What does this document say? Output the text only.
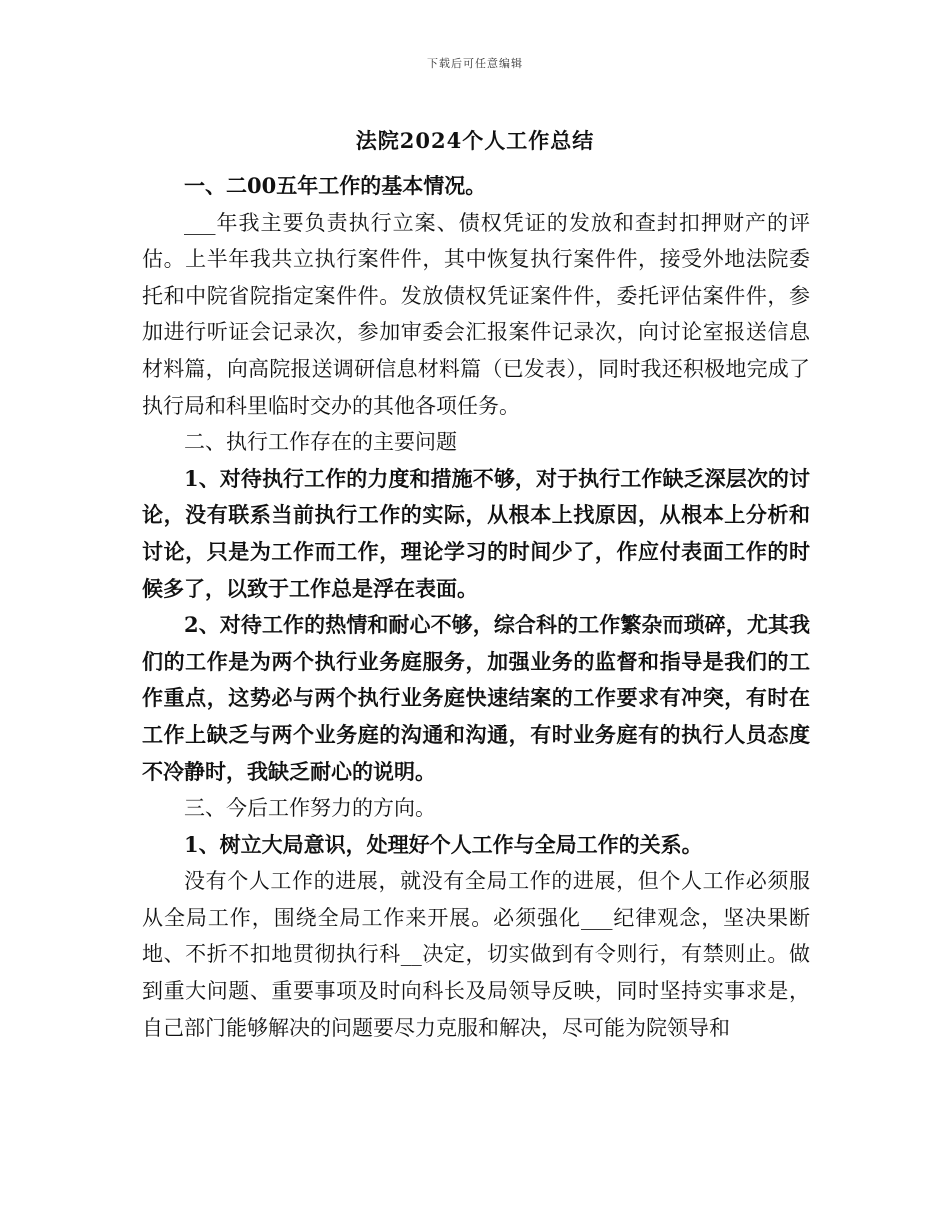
下载后可任意编辑
法院2024个人工作总结

一、二00五年工作的基本情况。

___年我主要负责执行立案、债权凭证的发放和查封扣押财产的评估。上半年我共立执行案件件，其中恢复执行案件件，接受外地法院委托和中院省院指定案件件。发放债权凭证案件件，委托评估案件件，参加进行听证会记录次，参加审委会汇报案件记录次，向讨论室报送信息材料篇，向高院报送调研信息材料篇（已发表），同时我还积极地完成了执行局和科里临时交办的其他各项任务。

二、执行工作存在的主要问题

1、对待执行工作的力度和措施不够，对于执行工作缺乏深层次的讨论，没有联系当前执行工作的实际，从根本上找原因，从根本上分析和讨论，只是为工作而工作，理论学习的时间少了，作应付表面工作的时候多了，以致于工作总是浮在表面。

2、对待工作的热情和耐心不够，综合科的工作繁杂而琐碎，尤其我们的工作是为两个执行业务庭服务，加强业务的监督和指导是我们的工作重点，这势必与两个执行业务庭快速结案的工作要求有冲突，有时在工作上缺乏与两个业务庭的沟通和沟通，有时业务庭有的执行人员态度不冷静时，我缺乏耐心的说明。

三、今后工作努力的方向。

1、树立大局意识，处理好个人工作与全局工作的关系。

没有个人工作的进展，就没有全局工作的进展，但个人工作必须服从全局工作，围绕全局工作来开展。必须强化___纪律观念，坚决果断地、不折不扣地贯彻执行科__决定，切实做到有令则行，有禁则止。做到重大问题、重要事项及时向科长及局领导反映，同时坚持实事求是，自己部门能够解决的问题要尽力克服和解决，尽可能为院领导和
